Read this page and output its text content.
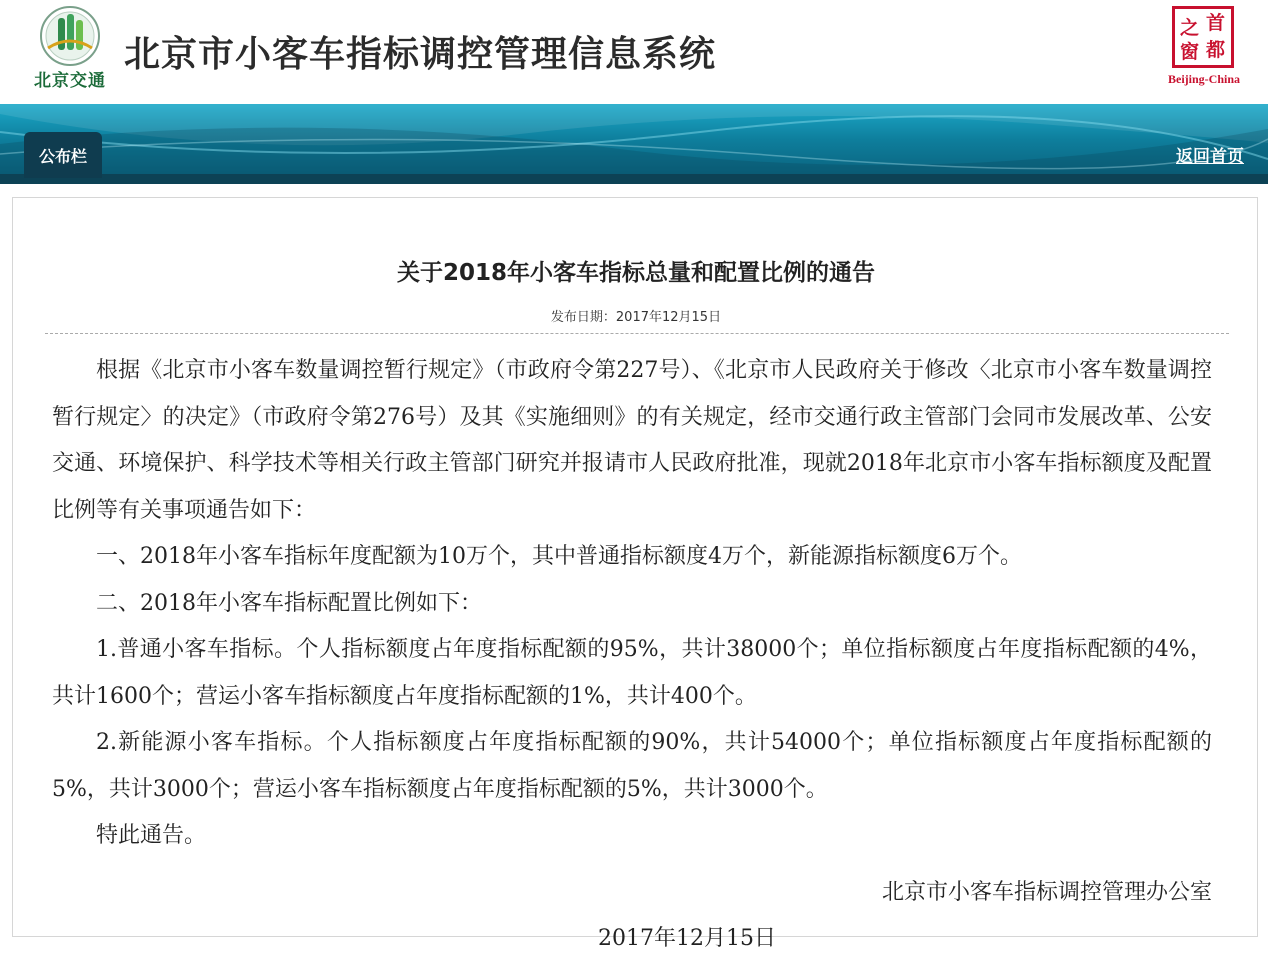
北京交通
北京市小客车指标调控管理信息系统
之 首
窗 都
Beijing-China
公布栏	返回首页
关于2018年小客车指标总量和配置比例的通告
发布日期：2017年12月15日

根据《北京市小客车数量调控暂行规定》（市政府令第227号）、《北京市人民政府关于修改〈北京市小客车数量调控暂行规定〉的决定》（市政府令第276号）及其《实施细则》的有关规定，经市交通行政主管部门会同市发展改革、公安交通、环境保护、科学技术等相关行政主管部门研究并报请市人民政府批准，现就2018年北京市小客车指标额度及配置比例等有关事项通告如下：

一、2018年小客车指标年度配额为10万个，其中普通指标额度4万个，新能源指标额度6万个。

二、2018年小客车指标配置比例如下：

1.普通小客车指标。个人指标额度占年度指标配额的95%，共计38000个；单位指标额度占年度指标配额的4%，共计1600个；营运小客车指标额度占年度指标配额的1%，共计400个。

2.新能源小客车指标。个人指标额度占年度指标配额的90%，共计54000个；单位指标额度占年度指标配额的5%，共计3000个；营运小客车指标额度占年度指标配额的5%，共计3000个。

特此通告。

北京市小客车指标调控管理办公室

2017年12月15日
